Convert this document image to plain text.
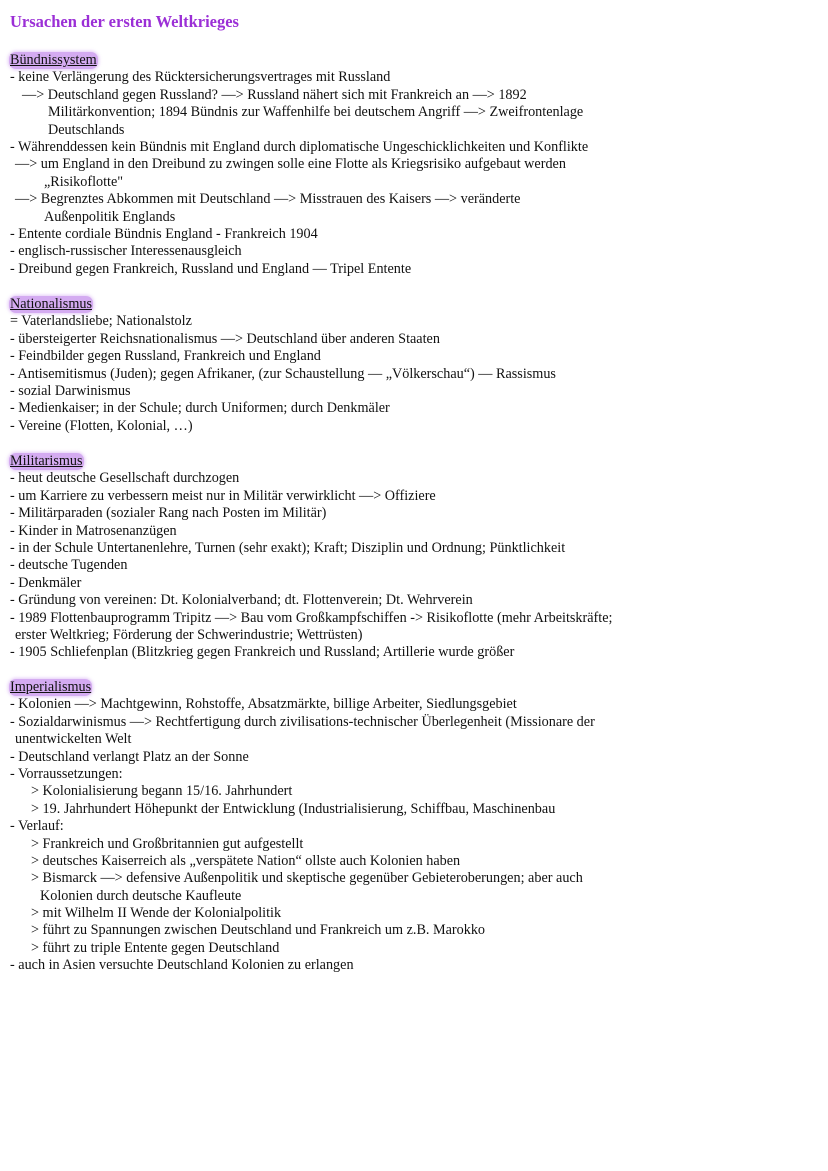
Ursachen der ersten Weltkrieges
Bündnissystem
- keine Verlängerung des Rücktersicherungsvertrages mit Russland
—> Deutschland gegen Russland? —> Russland nähert sich mit Frankreich an —> 1892
Militärkonvention; 1894 Bündnis zur Waffenhilfe bei deutschem Angriff —> Zweifrontenlage
Deutschlands
- Währenddessen kein Bündnis mit England durch diplomatische Ungeschicklichkeiten und Konflikte
—> um England in den Dreibund zu zwingen solle eine Flotte als Kriegsrisiko aufgebaut werden
„Risikoflotte"
—> Begrenztes Abkommen mit Deutschland —> Misstrauen des Kaisers —> veränderte
Außenpolitik Englands
- Entente cordiale Bündnis England - Frankreich 1904
- englisch-russischer Interessenausgleich
- Dreibund gegen Frankreich, Russland und England — Tripel Entente
Nationalismus
= Vaterlandsliebe; Nationalstolz
- übersteigerter Reichsnationalismus —> Deutschland über anderen Staaten
- Feindbilder gegen Russland, Frankreich und England
- Antisemitismus (Juden); gegen Afrikaner, (zur Schaustellung — „Völkerschau“) — Rassismus
- sozial Darwinismus
- Medienkaiser; in der Schule; durch Uniformen; durch Denkmäler
- Vereine (Flotten, Kolonial, …)
Militarismus
- heut deutsche Gesellschaft durchzogen
- um Karriere zu verbessern meist nur in Militär verwirklicht —> Offiziere
- Militärparaden (sozialer Rang nach Posten im Militär)
- Kinder in Matrosenanzügen
- in der Schule Untertanenlehre, Turnen (sehr exakt); Kraft; Disziplin und Ordnung; Pünktlichkeit
- deutsche Tugenden
- Denkmäler
- Gründung von vereinen: Dt. Kolonialverband; dt. Flottenverein; Dt. Wehrverein
- 1989 Flottenbauprogramm Tripitz —> Bau vom Großkampfschiffen -> Risikoflotte (mehr Arbeitskräfte;
erster Weltkrieg; Förderung der Schwerindustrie; Wettrüsten)
- 1905 Schliefenplan (Blitzkrieg gegen Frankreich und Russland; Artillerie wurde größer
Imperialismus
- Kolonien —> Machtgewinn, Rohstoffe, Absatzmärkte, billige Arbeiter, Siedlungsgebiet
- Sozialdarwinismus —> Rechtfertigung durch zivilisations-technischer Überlegenheit (Missionare der
unentwickelten Welt
- Deutschland verlangt Platz an der Sonne
- Vorraussetzungen:
> Kolonialisierung begann 15/16. Jahrhundert
> 19. Jahrhundert Höhepunkt der Entwicklung (Industrialisierung, Schiffbau, Maschinenbau
- Verlauf:
> Frankreich und Großbritannien gut aufgestellt
> deutsches Kaiserreich als „verspätete Nation“ ollste auch Kolonien haben
> Bismarck —> defensive Außenpolitik und skeptische gegenüber Gebieteroberungen; aber auch
Kolonien durch deutsche Kaufleute
> mit Wilhelm II Wende der Kolonialpolitik
> führt zu Spannungen zwischen Deutschland und Frankreich um z.B. Marokko
> führt zu triple Entente gegen Deutschland
- auch in Asien versuchte Deutschland Kolonien zu erlangen
